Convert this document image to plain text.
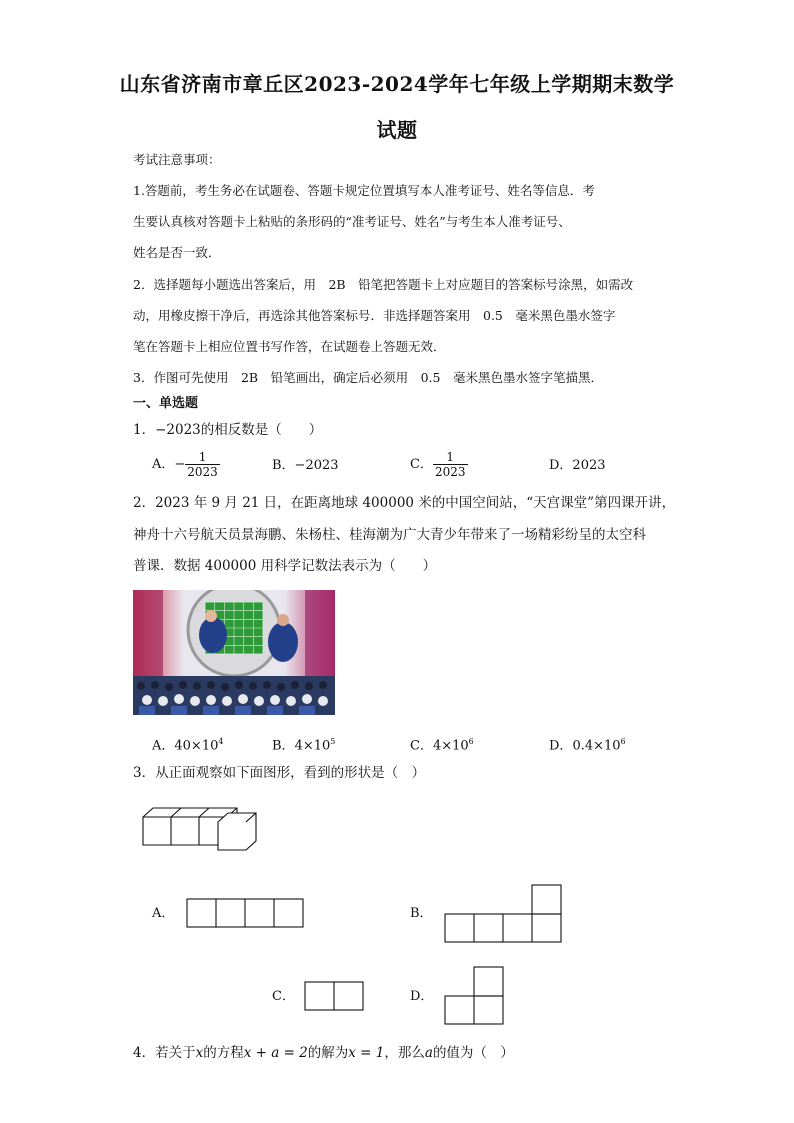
山东省济南市章丘区2023-2024学年七年级上学期期末数学
试题
考试注意事项：
1.答题前，考生务必在试题卷、答题卡规定位置填写本人准考证号、姓名等信息．考
生要认真核对答题卡上粘贴的条形码的“准考证号、姓名”与考生本人准考证号、
姓名是否一致．
2．选择题每小题选出答案后，用　2B　铅笔把答题卡上对应题目的答案标号涂黑，如需改
动，用橡皮擦干净后，再选涂其他答案标号．非选择题答案用　0.5　毫米黑色墨水签字
笔在答题卡上相应位置书写作答，在试题卷上答题无效．
3．作图可先使用　2B　铅笔画出，确定后必须用　0.5　毫米黑色墨水签字笔描黑．
一、单选题
1．−2023的相反数是（　　）
A．− $\frac{1}{2023}$	B．−2023	C． $\frac{1}{2023}$	D．2023
2．2023 年 9 月 21 日，在距离地球 400000 米的中国空间站，“天宫课堂”第四课开讲，
神舟十六号航天员景海鹏、朱杨柱、桂海潮为广大青少年带来了一场精彩纷呈的太空科
普课．数据 400000 用科学记数法表示为（　　）
A．$40\times 10^4$	B．$4\times 10^5$	C．$4\times 10^6$	D．$0.4\times 10^6$
3．从正面观察如下面图形，看到的形状是（　）
A．	B．
C．	D．
4．若关于x的方程x + a = 2的解为x = 1，那么a的值为（　）
